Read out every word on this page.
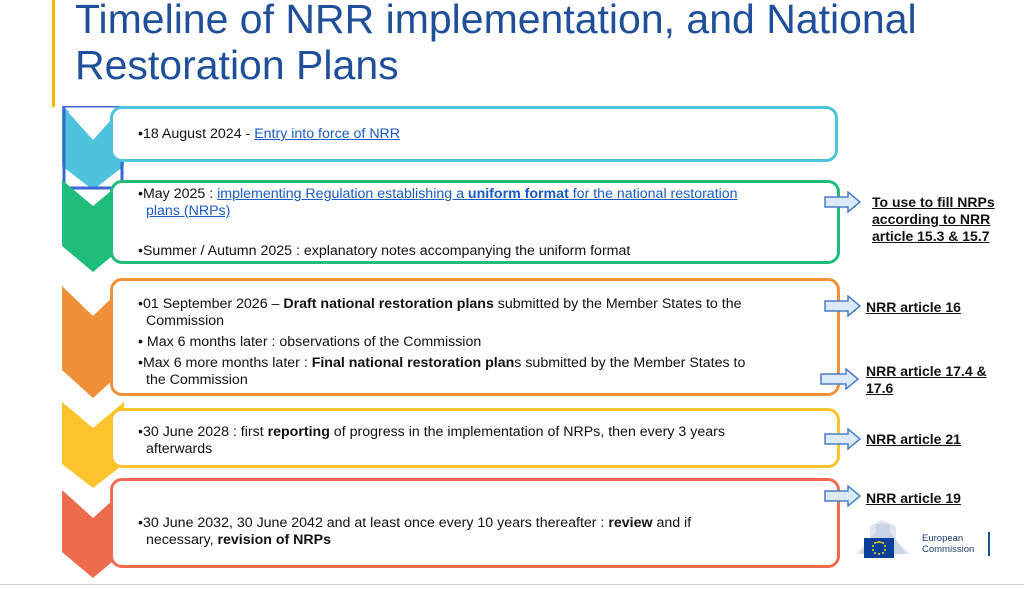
Timeline of NRR implementation, and National Restoration Plans
•18 August 2024 - Entry into force of NRR
•May 2025 : implementing Regulation establishing a uniform format for the national restoration
plans (NRPs)
•Summer / Autumn 2025 : explanatory notes accompanying the uniform format
•01 September 2026 – Draft national restoration plans submitted by the Member States to the
Commission
• Max 6 months later : observations of the Commission
•Max 6 more months later : Final national restoration plans submitted by the Member States to
the Commission
•30 June 2028 : first reporting of progress in the implementation of NRPs, then every 3 years
afterwards
•30 June 2032, 30 June 2042 and at least once every 10 years thereafter : review and if
necessary, revision of NRPs
To use to fill NRPs
according to NRR
article 15.3 & 15.7
NRR article 16
NRR article 17.4 &
17.6
NRR article 21
NRR article 19
European
Commission
